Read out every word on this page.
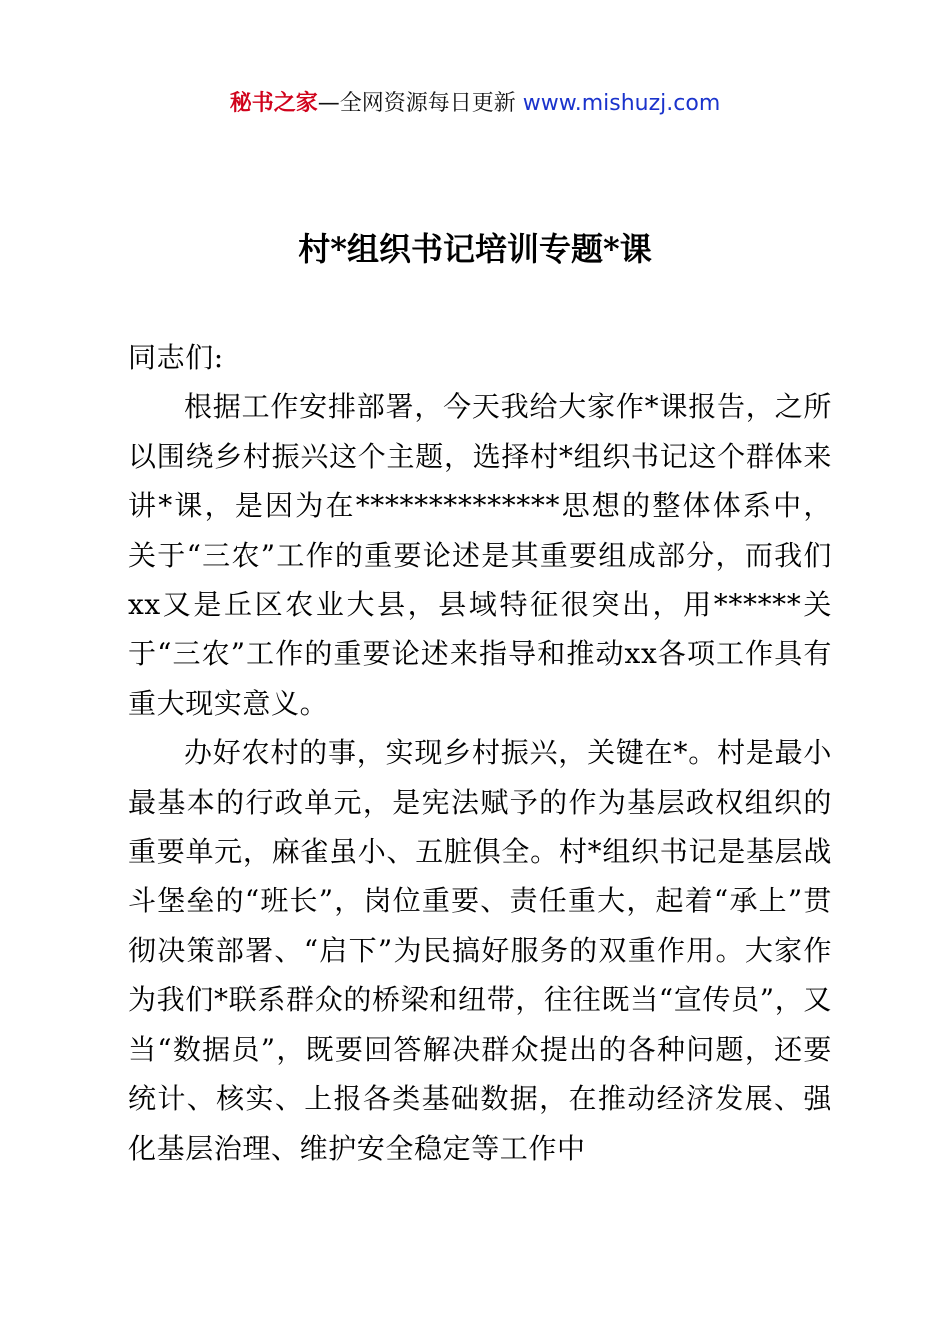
秘书之家—全网资源每日更新 www.mishuzj.com
村*组织书记培训专题*课

同志们:

根据工作安排部署，今天我给大家作*课报告，之所以围绕乡村振兴这个主题，选择村*组织书记这个群体来讲*课，是因为在**************思想的整体体系中，关于“三农”工作的重要论述是其重要组成部分，而我们xx又是丘区农业大县，县域特征很突出，用******关于“三农”工作的重要论述来指导和推动xx各项工作具有重大现实意义。

办好农村的事，实现乡村振兴，关键在*。村是最小最基本的行政单元，是宪法赋予的作为基层政权组织的重要单元，麻雀虽小、五脏俱全。村*组织书记是基层战斗堡垒的“班长”，岗位重要、责任重大，起着“承上”贯彻决策部署、“启下”为民搞好服务的双重作用。大家作为我们*联系群众的桥梁和纽带，往往既当“宣传员”，又当“数据员”，既要回答解决群众提出的各种问题，还要统计、核实、上报各类基础数据，在推动经济发展、强化基层治理、维护安全稳定等工作中
